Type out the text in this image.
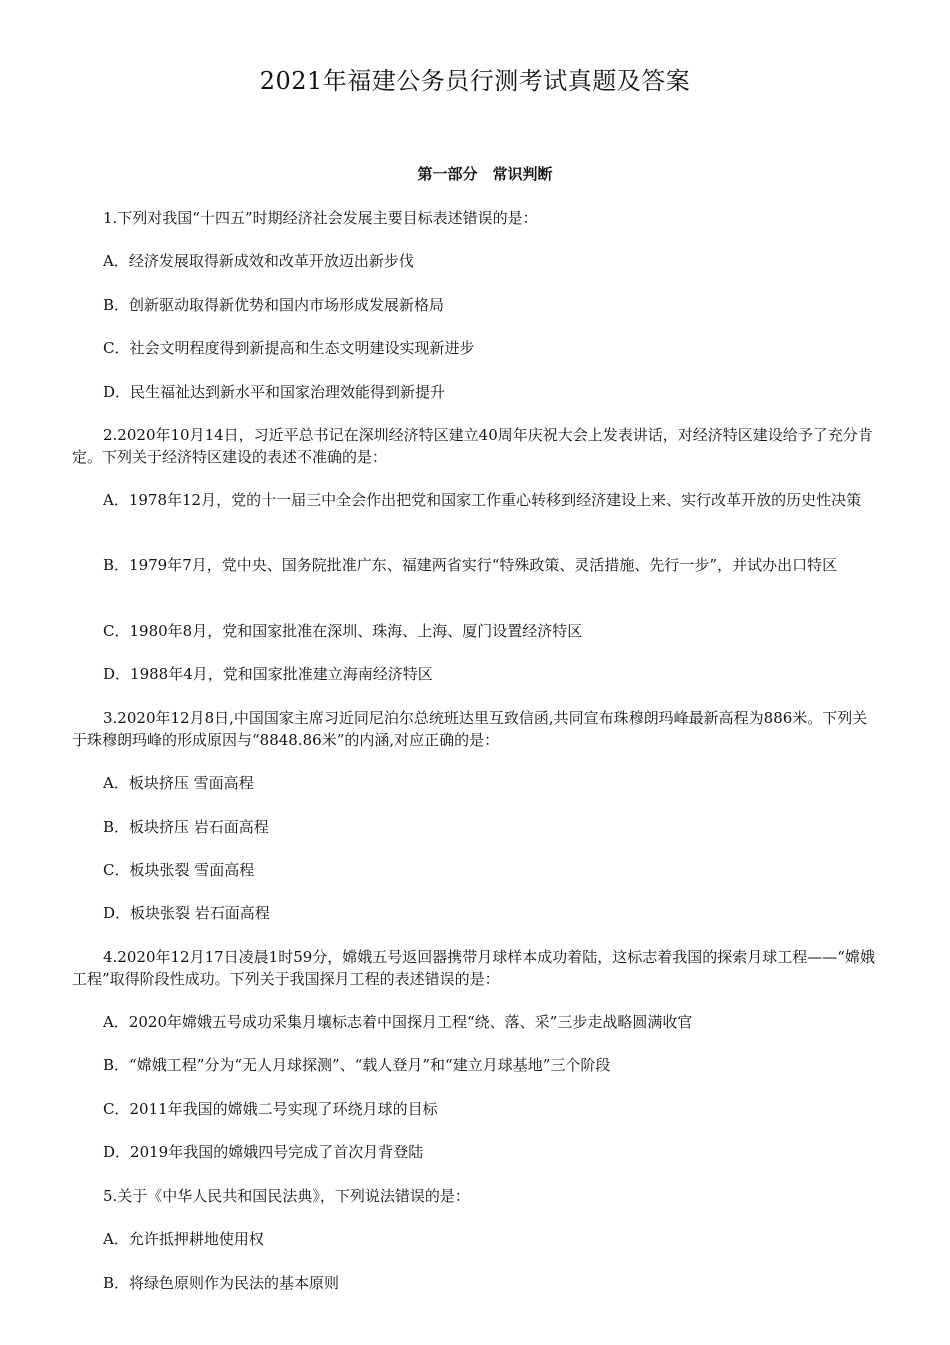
2021年福建公务员行测考试真题及答案
第一部分　常识判断
1.下列对我国“十四五”时期经济社会发展主要目标表述错误的是：
A．经济发展取得新成效和改革开放迈出新步伐
B．创新驱动取得新优势和国内市场形成发展新格局
C．社会文明程度得到新提高和生态文明建设实现新进步
D．民生福祉达到新水平和国家治理效能得到新提升
2.2020年10月14日，习近平总书记在深圳经济特区建立40周年庆祝大会上发表讲话，对经济特区建设给予了充分肯定。下列关于经济特区建设的表述不准确的是：
A．1978年12月，党的十一届三中全会作出把党和国家工作重心转移到经济建设上来、实行改革开放的历史性决策
B．1979年7月，党中央、国务院批准广东、福建两省实行“特殊政策、灵活措施、先行一步”，并试办出口特区
C．1980年8月，党和国家批准在深圳、珠海、上海、厦门设置经济特区
D．1988年4月，党和国家批准建立海南经济特区
3.2020年12月8日,中国国家主席习近同尼泊尔总统班达里互致信函,共同宣布珠穆朗玛峰最新高程为886米。下列关于珠穆朗玛峰的形成原因与“8848.86米”的内涵,对应正确的是：
A．板块挤压 雪面高程
B．板块挤压 岩石面高程
C．板块张裂 雪面高程
D．板块张裂 岩石面高程
4.2020年12月17日凌晨1时59分，嫦娥五号返回器携带月球样本成功着陆，这标志着我国的探索月球工程——“嫦娥工程”取得阶段性成功。下列关于我国探月工程的表述错误的是：
A．2020年嫦娥五号成功采集月壤标志着中国探月工程“绕、落、采”三步走战略圆满收官
B．“嫦娥工程”分为“无人月球探测”、“载人登月”和“建立月球基地”三个阶段
C．2011年我国的嫦娥二号实现了环绕月球的目标
D．2019年我国的嫦娥四号完成了首次月背登陆
5.关于《中华人民共和国民法典》，下列说法错误的是：
A．允许抵押耕地使用权
B．将绿色原则作为民法的基本原则
